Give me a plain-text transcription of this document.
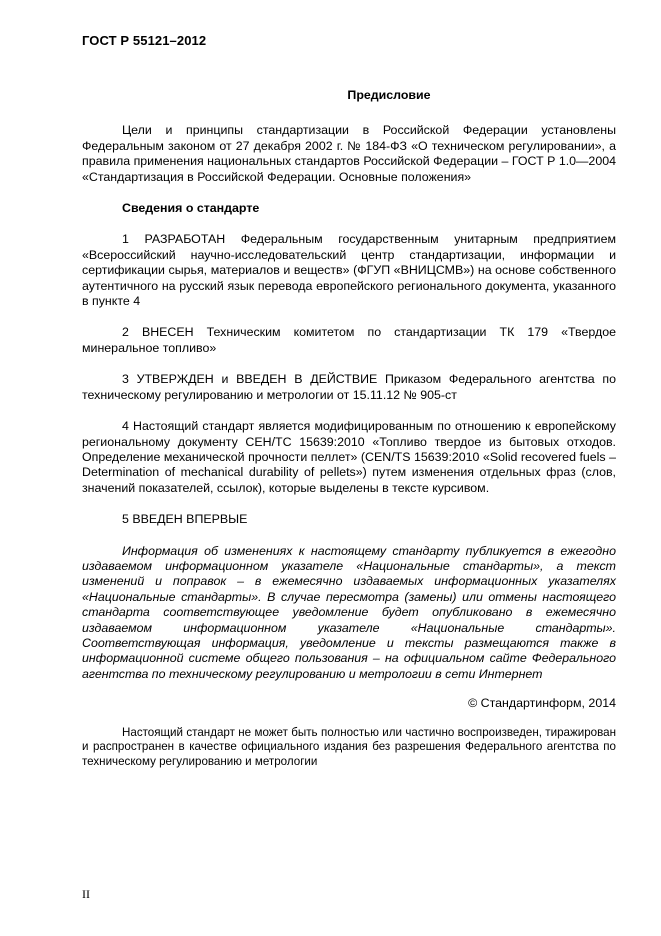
ГОСТ Р 55121–2012
Предисловие

Цели и принципы стандартизации в Российской Федерации установлены Федеральным законом от 27 декабря 2002 г. № 184-ФЗ «О техническом регулировании», а правила применения национальных стандартов Российской Федерации – ГОСТ Р 1.0—2004 «Стандартизация в Российской Федерации. Основные положения»

Сведения о стандарте

1 РАЗРАБОТАН Федеральным государственным унитарным предприятием «Всероссийский научно-исследовательский центр стандартизации, информации и сертификации сырья, материалов и веществ» (ФГУП «ВНИЦСМВ») на основе собственного аутентичного на русский язык перевода европейского регионального документа, указанного в пункте 4

2 ВНЕСЕН Техническим комитетом по стандартизации ТК 179 «Твердое минеральное топливо»

3 УТВЕРЖДЕН и ВВЕДЕН В ДЕЙСТВИЕ Приказом Федерального агентства по техническому регулированию и метрологии от 15.11.12 № 905-ст

4 Настоящий стандарт является модифицированным по отношению к европейскому региональному документу СЕН/ТС 15639:2010 «Топливо твердое из бытовых отходов. Определение механической прочности пеллет» (CEN/TS 15639:2010 «Solid recovered fuels – Determination of mechanical durability of pellets») путем изменения отдельных фраз (слов, значений показателей, ссылок), которые выделены в тексте курсивом.

5 ВВЕДЕН ВПЕРВЫЕ

Информация об изменениях к настоящему стандарту публикуется в ежегодно издаваемом информационном указателе «Национальные стандарты», а текст изменений и поправок – в ежемесячно издаваемых информационных указателях «Национальные стандарты». В случае пересмотра (замены) или отмены настоящего стандарта соответствующее уведомление будет опубликовано в ежемесячно издаваемом информационном указателе «Национальные стандарты». Соответствующая информация, уведомление и тексты размещаются также в информационной системе общего пользования – на официальном сайте Федерального агентства по техническому регулированию и метрологии в сети Интернет

© Стандартинформ, 2014

Настоящий стандарт не может быть полностью или частично воспроизведен, тиражирован и распространен в качестве официального издания без разрешения Федерального агентства по техническому регулированию и метрологии

II
